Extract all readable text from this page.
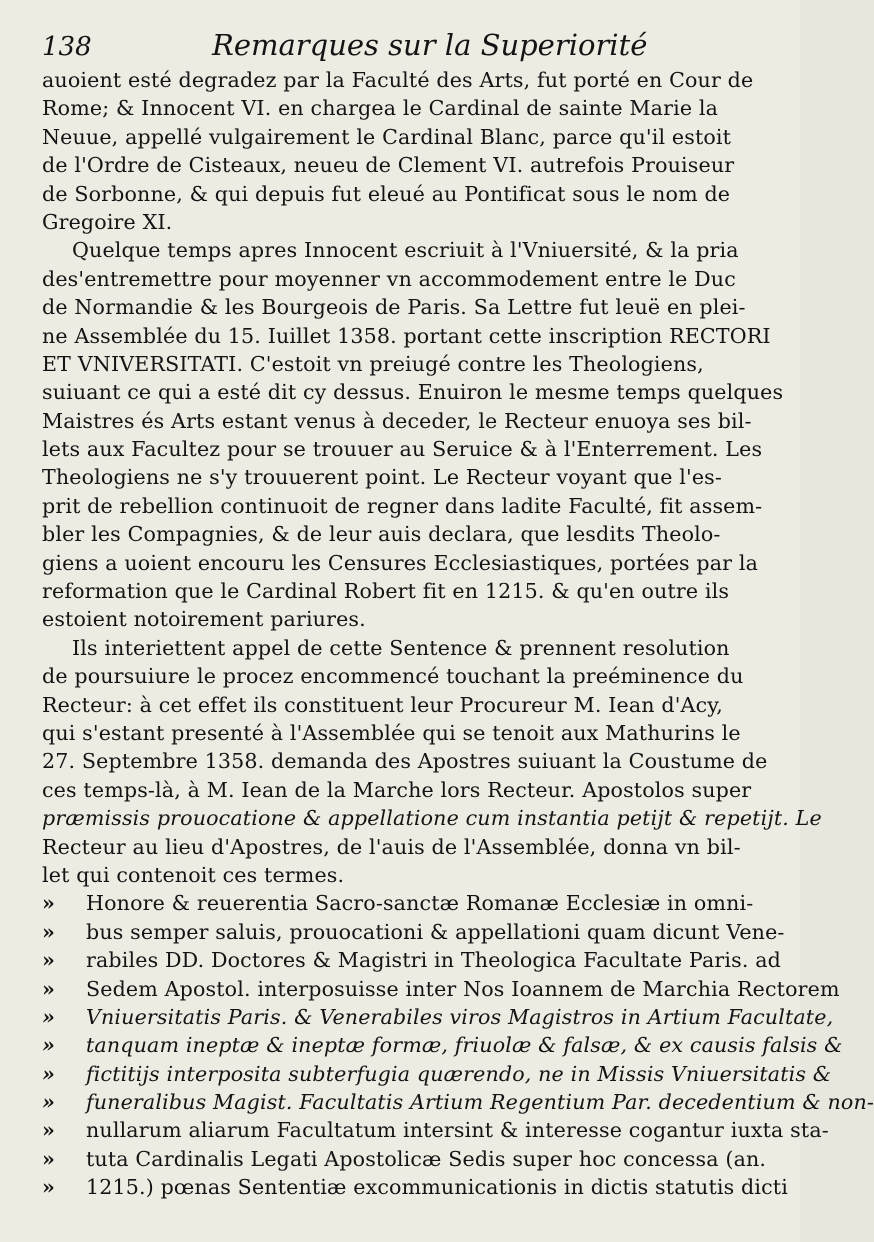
138	Remarques sur la Superiorité
auoient esté degradez par la Faculté des Arts, fut porté en Cour de
Rome; & Innocent VI. en chargea le Cardinal de sainte Marie la
Neuue, appellé vulgairement le Cardinal Blanc, parce qu'il estoit
de l'Ordre de Cisteaux, neueu de Clement VI. autrefois Prouiseur
de Sorbonne, & qui depuis fut eleué au Pontificat sous le nom de
Gregoire XI.
Quelque temps apres Innocent escriuit à l'Vniuersité, & la pria
des'entremettre pour moyenner vn accommodement entre le Duc
de Normandie & les Bourgeois de Paris. Sa Lettre fut leuë en plei-
ne Assemblée du 15. Iuillet 1358. portant cette inscription RECTORI
ET VNIVERSITATI. C'estoit vn preiugé contre les Theologiens,
suiuant ce qui a esté dit cy dessus. Enuiron le mesme temps quelques
Maistres és Arts estant venus à deceder, le Recteur enuoya ses bil-
lets aux Facultez pour se trouuer au Seruice & à l'Enterrement. Les
Theologiens ne s'y trouuerent point. Le Recteur voyant que l'es-
prit de rebellion continuoit de regner dans ladite Faculté, fit assem-
bler les Compagnies, & de leur auis declara, que lesdits Theolo-
giens a uoient encouru les Censures Ecclesiastiques, portées par la
reformation que le Cardinal Robert fit en 1215. & qu'en outre ils
estoient notoirement pariures.
Ils interiettent appel de cette Sentence & prennent resolution
de poursuiure le procez encommencé touchant la preéminence du
Recteur: à cet effet ils constituent leur Procureur M. Iean d'Acy,
qui s'estant presenté à l'Assemblée qui se tenoit aux Mathurins le
27. Septembre 1358. demanda des Apostres suiuant la Coustume de
ces temps-là, à M. Iean de la Marche lors Recteur. Apostolos super
præmissis prouocatione & appellatione cum instantia petijt & repetijt. Le
Recteur au lieu d'Apostres, de l'auis de l'Assemblée, donna vn bil-
let qui contenoit ces termes.
» Honore & reuerentia Sacro-sanctæ Romanæ Ecclesiæ in omni-
» bus semper saluis, prouocationi & appellationi quam dicunt Vene-
» rabiles DD. Doctores & Magistri in Theologica Facultate Paris. ad
» Sedem Apostol. interposuisse inter Nos Ioannem de Marchia Rectorem
» Vniuersitatis Paris. & Venerabiles viros Magistros in Artium Facultate,
» tanquam ineptæ & ineptæ formæ, friuolæ & falsæ, & ex causis falsis &
» fictitijs interposita subterfugia quærendo, ne in Missis Vniuersitatis &
» funeralibus Magist. Facultatis Artium Regentium Par. decedentium & non-
» nullarum aliarum Facultatum intersint & interesse cogantur iuxta sta-
» tuta Cardinalis Legati Apostolicæ Sedis super hoc concessa (an.
» 1215.) pœnas Sententiæ excommunicationis in dictis statutis dicti
